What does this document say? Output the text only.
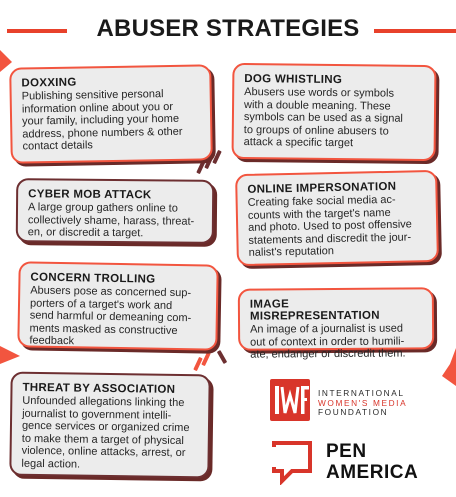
ABUSER STRATEGIES
DOXXING

Publishing sensitive personal
information online about you or
your family, including your home
address, phone numbers & other
contact details

DOG WHISTLING

Abusers use words or symbols
with a double meaning. These
symbols can be used as a signal
to groups of online abusers to
attack a specific target

CYBER MOB ATTACK

A large group gathers online to
collectively shame, harass, threat-
en, or discredit a target.

ONLINE IMPERSONATION

Creating fake social media ac-
counts with the target's name
and photo. Used to post offensive
statements and discredit the jour-
nalist's reputation

CONCERN TROLLING

Abusers pose as concerned sup-
porters of a target's work and
send harmful or demeaning com-
ments masked as constructive
feedback

IMAGE MISREPRESENTATION

An image of a journalist is used
out of context in order to humili-
ate, endanger or discredit them.

THREAT BY ASSOCIATION

Unfounded allegations linking the
journalist to government intelli-
gence services or organized crime
to make them a target of physical
violence, online attacks, arrest, or
legal action.

INTERNATIONAL
WOMEN'S MEDIA
FOUNDATION
PEN
AMERICA
